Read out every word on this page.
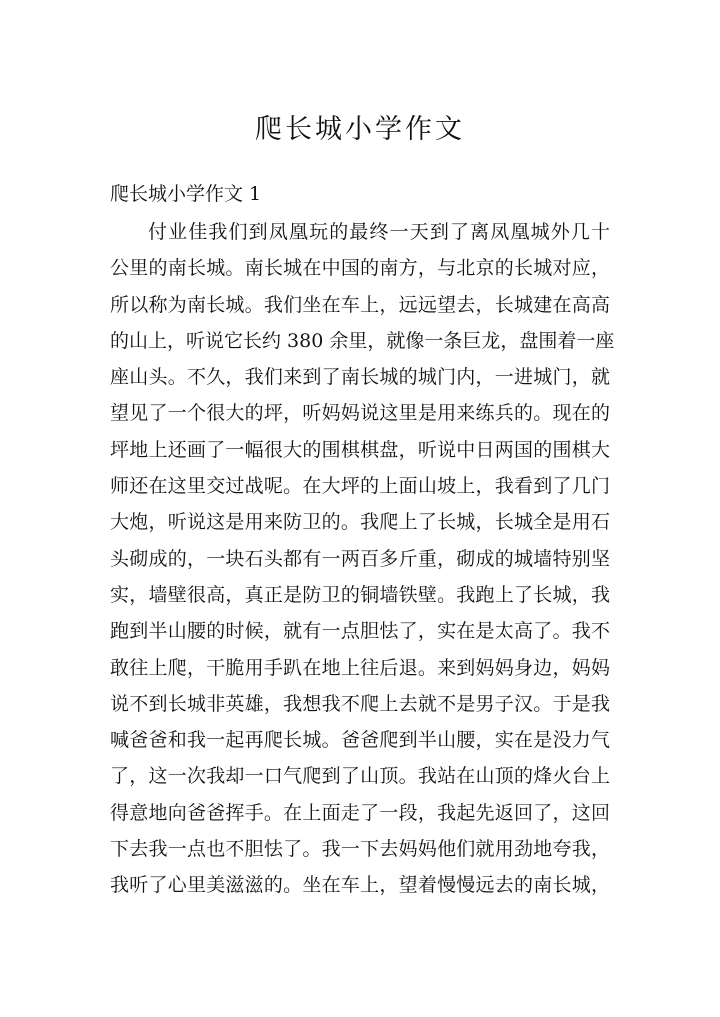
爬长城小学作文
爬长城小学作文 1
付业佳我们到凤凰玩的最终一天到了离凤凰城外几十
公里的南长城。南长城在中国的南方，与北京的长城对应，
所以称为南长城。我们坐在车上，远远望去，长城建在高高
的山上，听说它长约 380 余里，就像一条巨龙，盘围着一座
座山头。不久，我们来到了南长城的城门内，一进城门，就
望见了一个很大的坪，听妈妈说这里是用来练兵的。现在的
坪地上还画了一幅很大的围棋棋盘，听说中日两国的围棋大
师还在这里交过战呢。在大坪的上面山坡上，我看到了几门
大炮，听说这是用来防卫的。我爬上了长城，长城全是用石
头砌成的，一块石头都有一两百多斤重，砌成的城墙特别坚
实，墙壁很高，真正是防卫的铜墙铁壁。我跑上了长城，我
跑到半山腰的时候，就有一点胆怯了，实在是太高了。我不
敢往上爬，干脆用手趴在地上往后退。来到妈妈身边，妈妈
说不到长城非英雄，我想我不爬上去就不是男子汉。于是我
喊爸爸和我一起再爬长城。爸爸爬到半山腰，实在是没力气
了，这一次我却一口气爬到了山顶。我站在山顶的烽火台上
得意地向爸爸挥手。在上面走了一段，我起先返回了，这回
下去我一点也不胆怯了。我一下去妈妈他们就用劲地夸我，
我听了心里美滋滋的。坐在车上，望着慢慢远去的南长城，
